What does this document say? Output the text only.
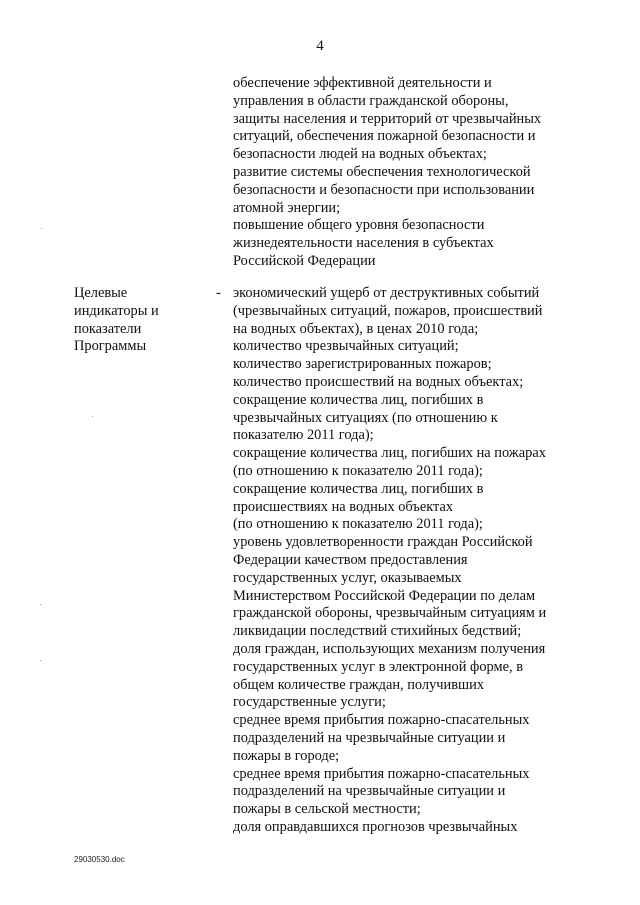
4
обеспечение эффективной деятельности и
управления в области гражданской обороны,
защиты населения и территорий от чрезвычайных
ситуаций, обеспечения пожарной безопасности и
безопасности людей на водных объектах;
развитие системы обеспечения технологической
безопасности и безопасности при использовании
атомной энергии;
повышение общего уровня безопасности
жизнедеятельности населения в субъектах
Российской Федерации
Целевые
индикаторы и
показатели
Программы
- экономический ущерб от деструктивных событий
(чрезвычайных ситуаций, пожаров, происшествий
на водных объектах), в ценах 2010 года;
количество чрезвычайных ситуаций;
количество зарегистрированных пожаров;
количество происшествий на водных объектах;
сокращение количества лиц, погибших в
чрезвычайных ситуациях (по отношению к
показателю 2011 года);
сокращение количества лиц, погибших на пожарах
(по отношению к показателю 2011 года);
сокращение количества лиц, погибших в
происшествиях на водных объектах
(по отношению к показателю 2011 года);
уровень удовлетворенности граждан Российской
Федерации качеством предоставления
государственных услуг, оказываемых
Министерством Российской Федерации по делам
гражданской обороны, чрезвычайным ситуациям и
ликвидации последствий стихийных бедствий;
доля граждан, использующих механизм получения
государственных услуг в электронной форме, в
общем количестве граждан, получивших
государственные услуги;
среднее время прибытия пожарно-спасательных
подразделений на чрезвычайные ситуации и
пожары в городе;
среднее время прибытия пожарно-спасательных
подразделений на чрезвычайные ситуации и
пожары в сельской местности;
доля оправдавшихся прогнозов чрезвычайных
29030530.doc
